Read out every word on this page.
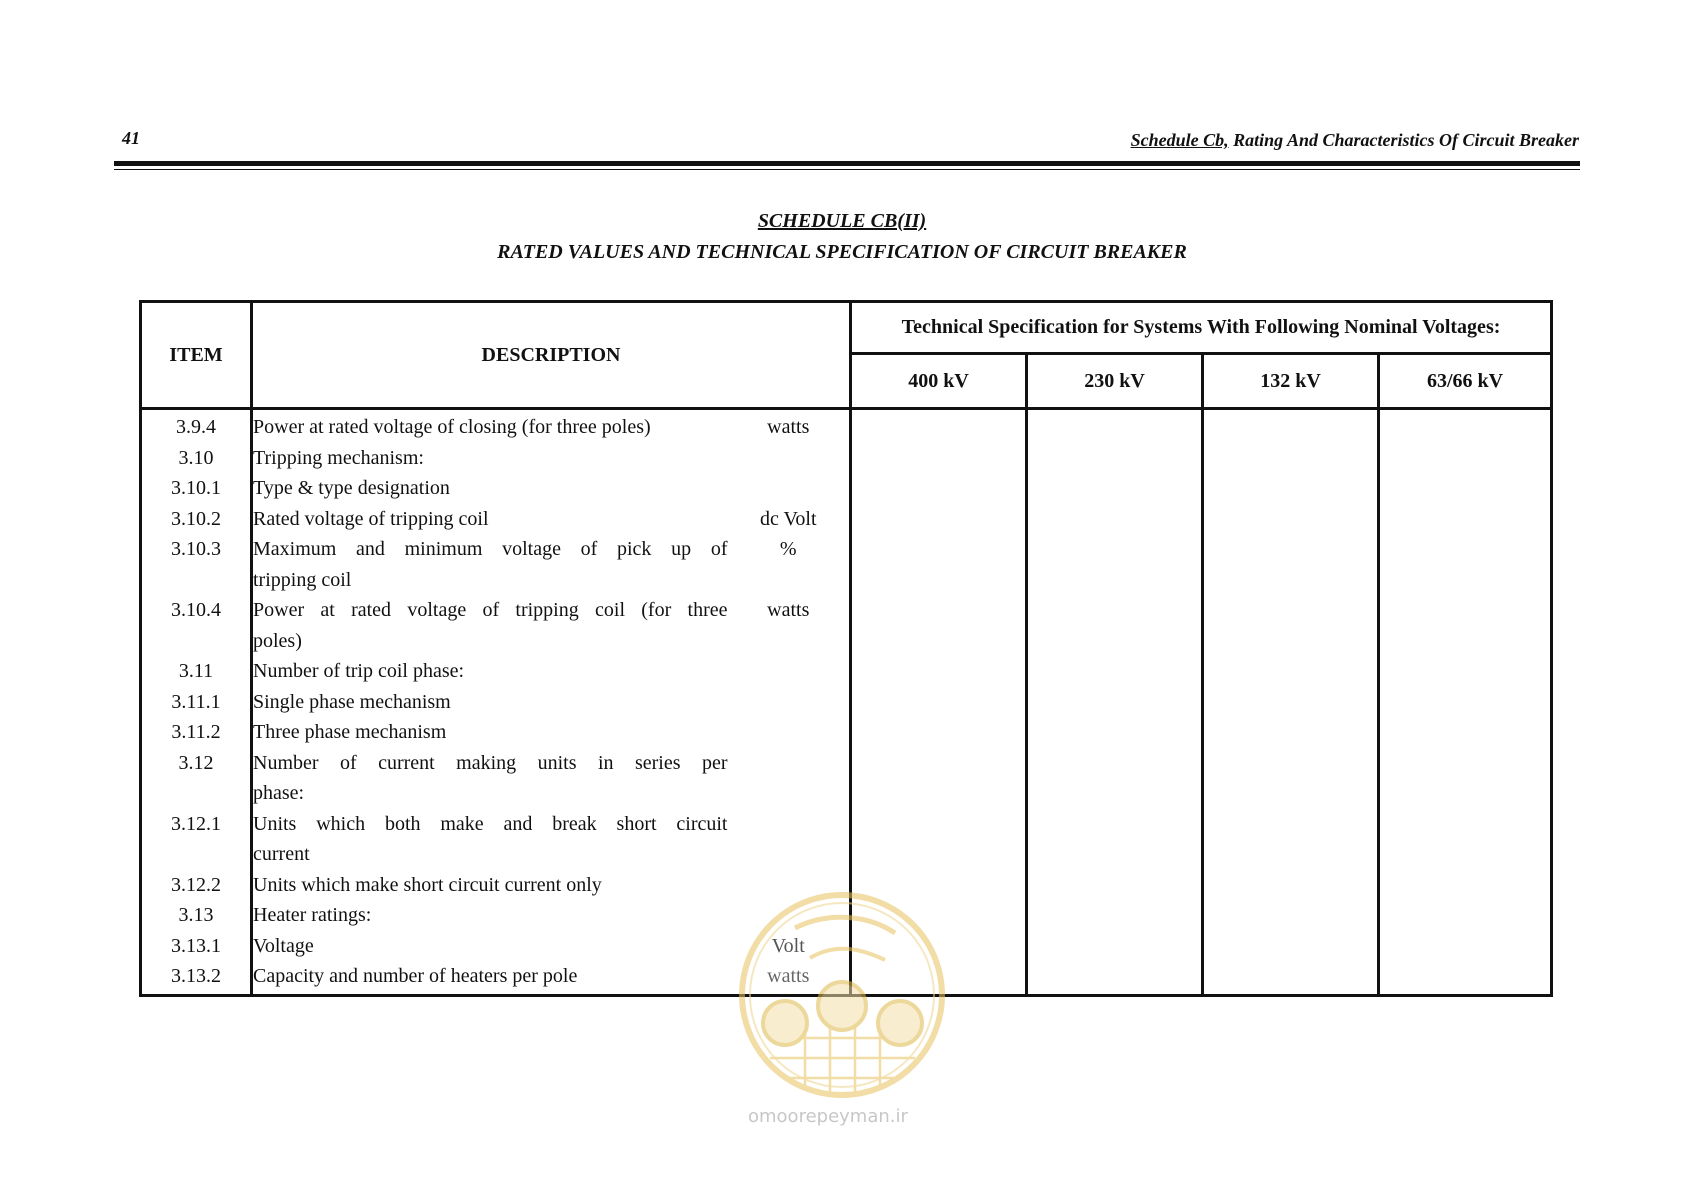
41	Schedule Cb, Rating And Characteristics Of Circuit Breaker
SCHEDULE CB(II)
RATED VALUES AND TECHNICAL SPECIFICATION OF CIRCUIT BREAKER
ITEM	DESCRIPTION		Technical Specification for Systems With Following Nominal Voltages:			
			400 kV	230 kV	132 kV	63/66 kV
3.9.4	Power at rated voltage of closing (for three poles)	watts				
3.10	Tripping mechanism:					

3.10.1	Type & type designation					

3.10.2	Rated voltage of tripping coil	dc Volt				
3.10.3	Maximum and minimum voltage of pick up of
tripping coil	%				
3.10.4	Power at rated voltage of tripping coil (for three
poles)	watts				
3.11	Number of trip coil phase:					

3.11.1	Single phase mechanism					

3.11.2	Three phase mechanism					

3.12	Number of current making units in series per
phase:					

3.12.1	Units which both make and break short circuit
current					

3.12.2	Units which make short circuit current only					

3.13	Heater ratings:					

3.13.1	Voltage	Volt				
3.13.2	Capacity and number of heaters per pole	watts				
omoorepeyman.ir
